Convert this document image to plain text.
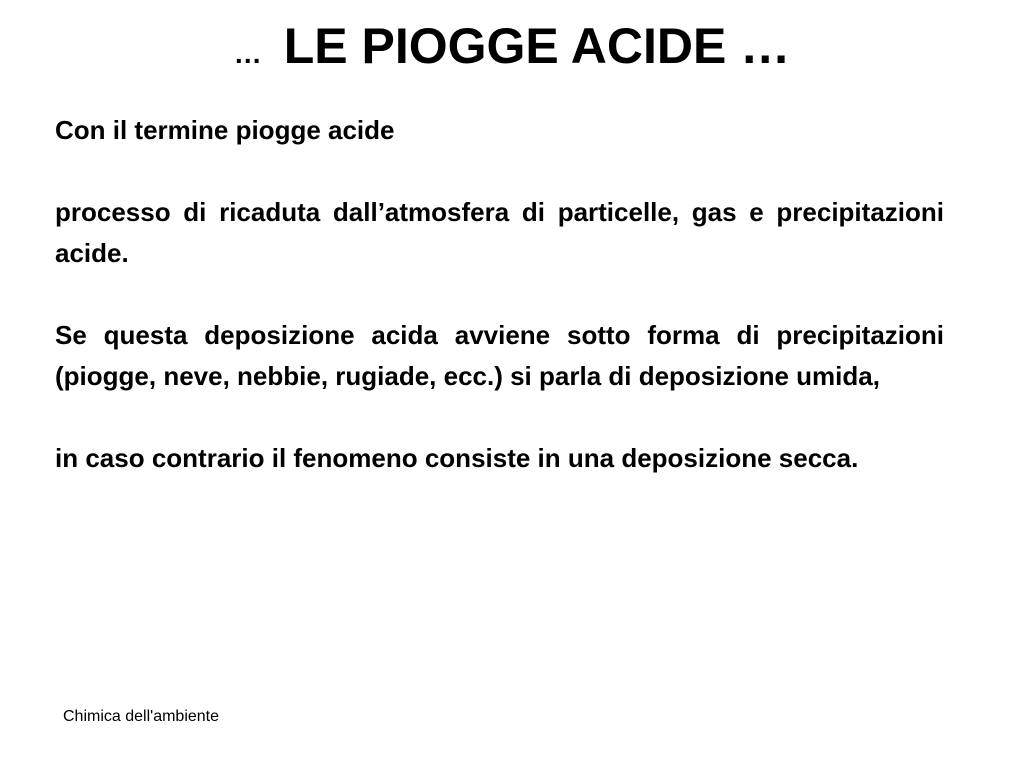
… LE PIOGGE ACIDE …

Con il termine piogge acide

processo di ricaduta dall’atmosfera di particelle, gas e precipitazioni acide.

Se questa deposizione acida avviene sotto forma di precipitazioni (piogge, neve, nebbie, rugiade, ecc.) si parla di deposizione umida,

in caso contrario il fenomeno consiste in una deposizione secca.

Chimica dell'ambiente
